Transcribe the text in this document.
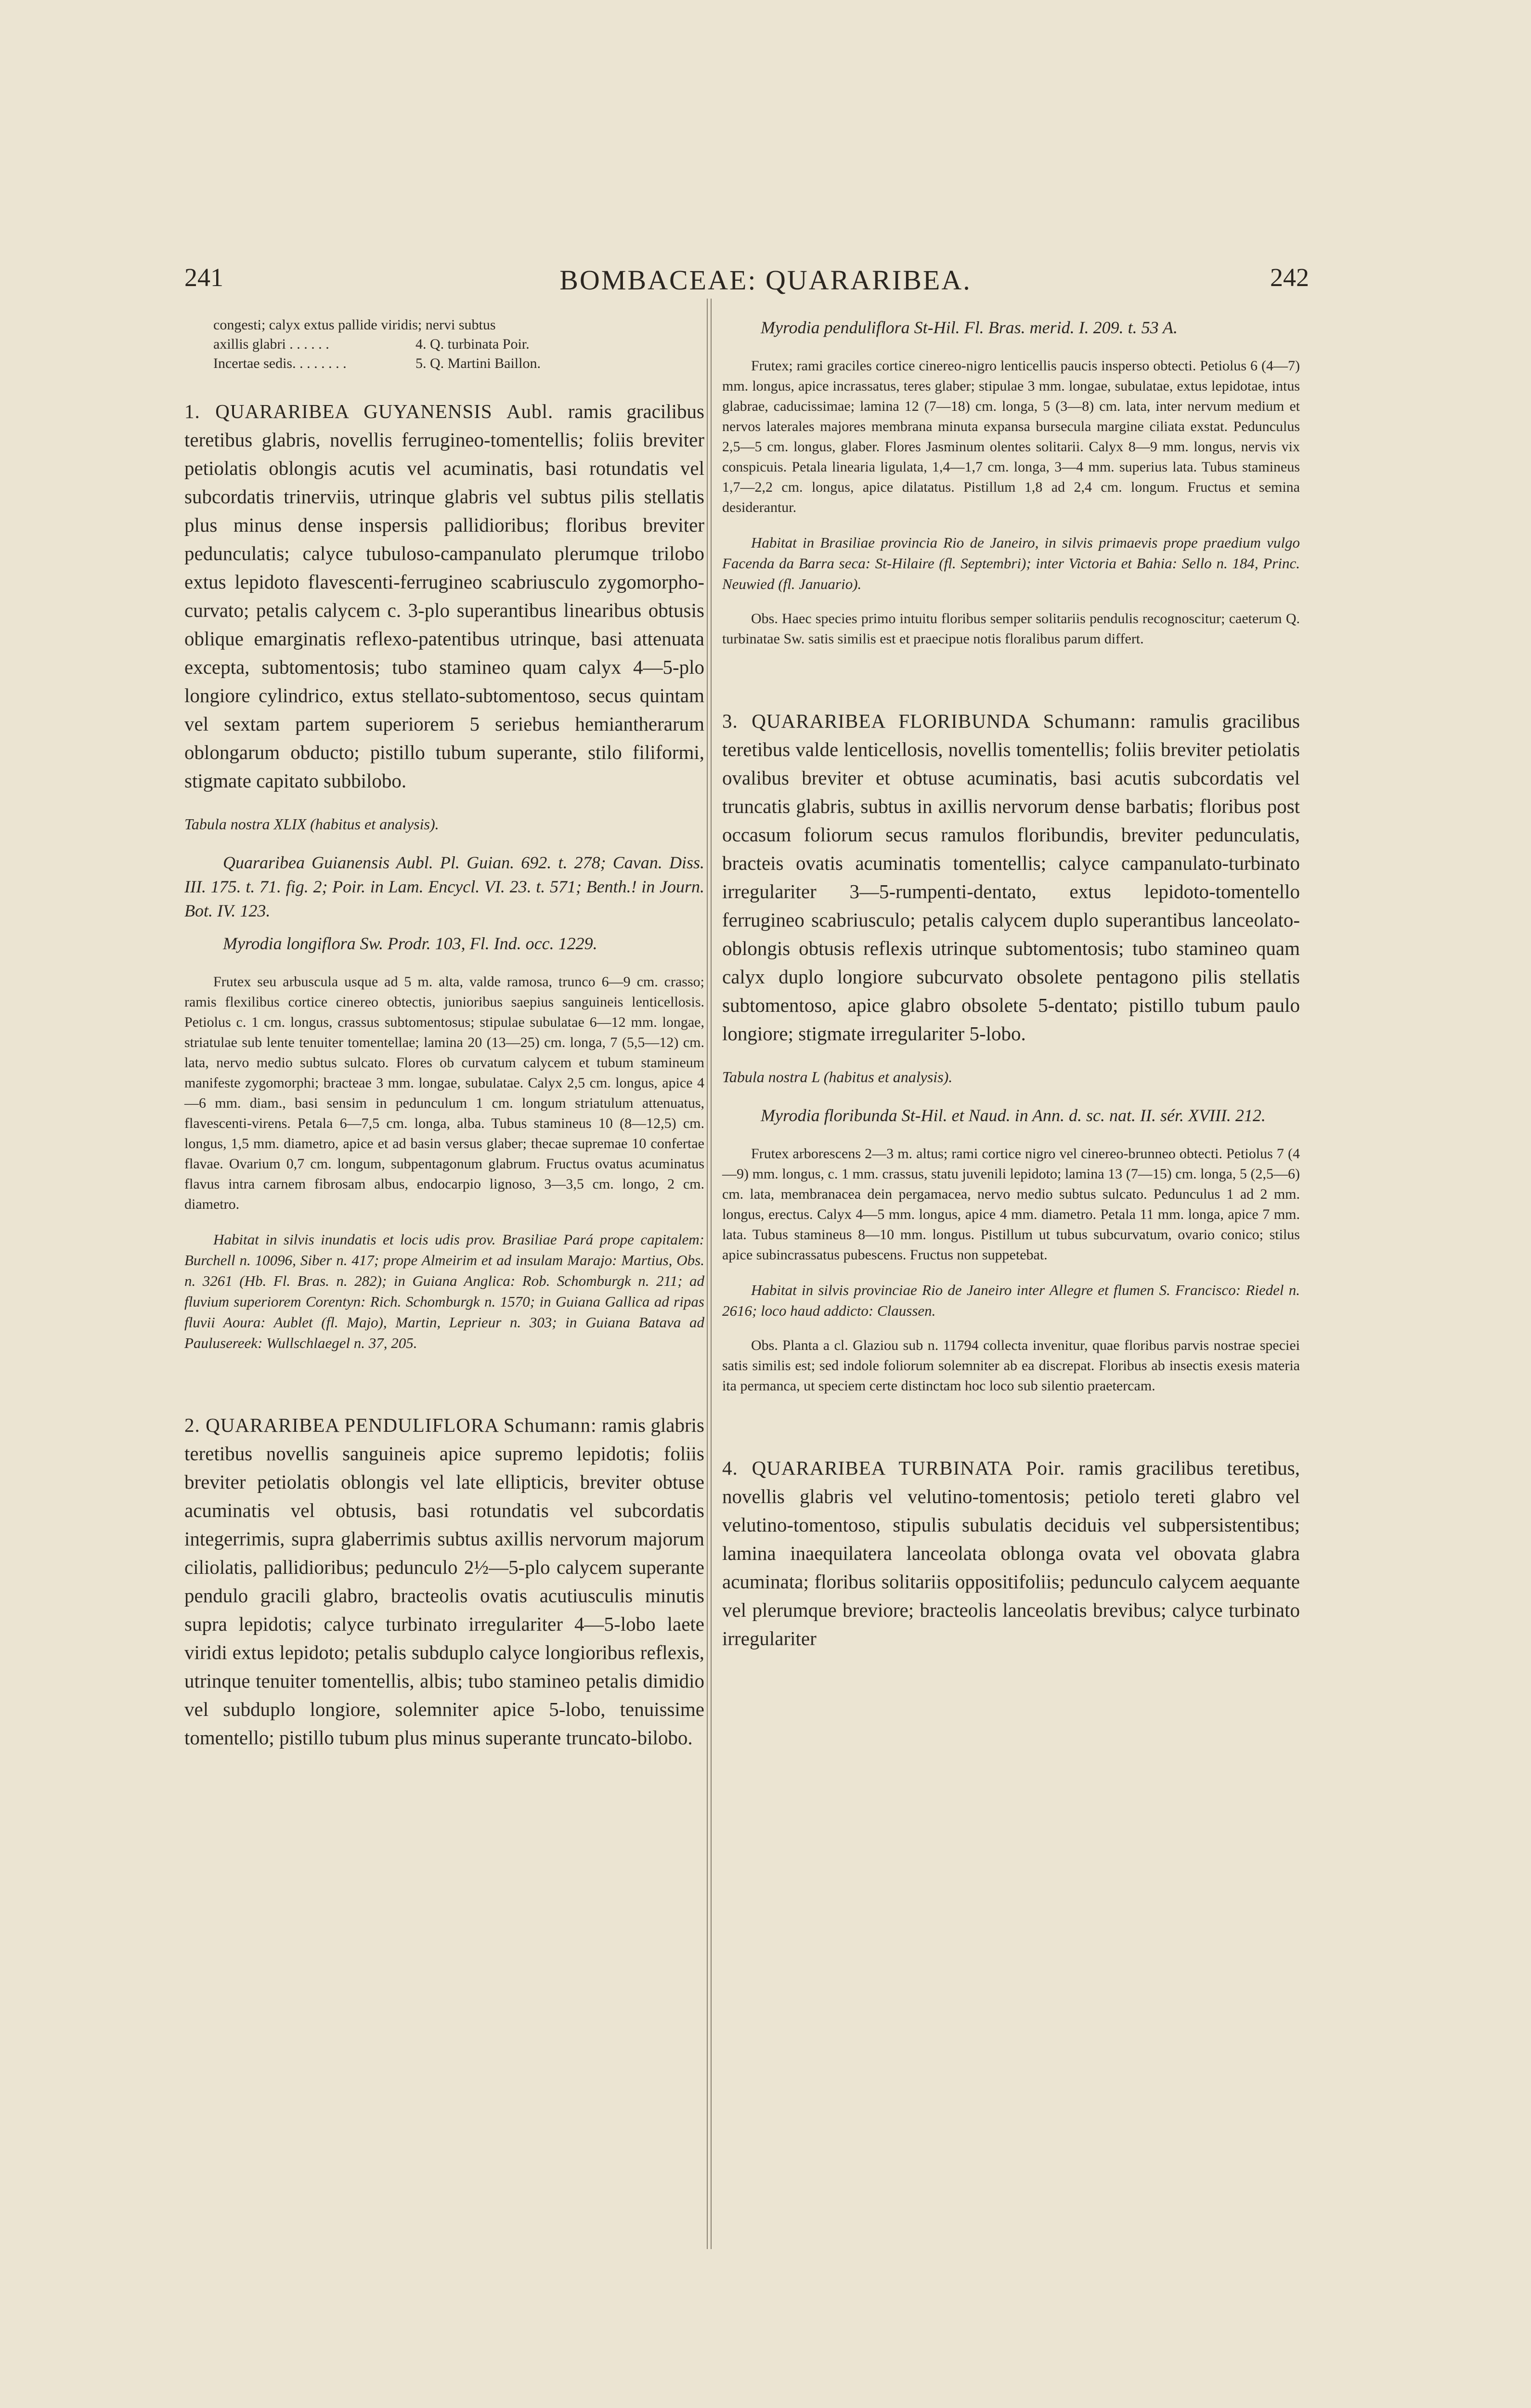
241	BOMBACEAE: QUARARIBEA.	242
congesti; calyx extus pallide viridis; nervi subtus
axillis glabri . . . . . .	4. Q. turbinata Poir.
Incertae sedis. . . . . . . .	5. Q. Martini Baillon.
1. QUARARIBEA GUYANENSIS Aubl. ramis gracilibus teretibus glabris, novellis ferrugineo-tomentellis; foliis breviter petiolatis oblongis acutis vel acuminatis, basi rotundatis vel subcordatis trinerviis, utrinque glabris vel subtus pilis stellatis plus minus dense inspersis pallidioribus; floribus breviter pedunculatis; calyce tubuloso-campanulato plerumque trilobo extus lepidoto flavescenti-ferrugineo scabriusculo zygomorpho-curvato; petalis calycem c. 3-plo superantibus linearibus obtusis oblique emarginatis reflexo-patentibus utrinque, basi attenuata excepta, subtomentosis; tubo stamineo quam calyx 4—5-plo longiore cylindrico, extus stellato-subtomentoso, secus quintam vel sextam partem superiorem 5 seriebus hemiantherarum oblongarum obducto; pistillo tubum superante, stilo filiformi, stigmate capitato subbilobo.
Tabula nostra XLIX (habitus et analysis).
Quararibea Guianensis Aubl. Pl. Guian. 692. t. 278; Cavan. Diss. III. 175. t. 71. fig. 2; Poir. in Lam. Encycl. VI. 23. t. 571; Benth.! in Journ. Bot. IV. 123.
Myrodia longiflora Sw. Prodr. 103, Fl. Ind. occ. 1229.
Frutex seu arbuscula usque ad 5 m. alta, valde ramosa, trunco 6—9 cm. crasso; ramis flexilibus cortice cinereo obtectis, junioribus saepius sanguineis lenticellosis. Petiolus c. 1 cm. longus, crassus subtomentosus; stipulae subulatae 6—12 mm. longae, striatulae sub lente tenuiter tomentellae; lamina 20 (13—25) cm. longa, 7 (5,5—12) cm. lata, nervo medio subtus sulcato. Flores ob curvatum calycem et tubum stamineum manifeste zygomorphi; bracteae 3 mm. longae, subulatae. Calyx 2,5 cm. longus, apice 4—6 mm. diam., basi sensim in pedunculum 1 cm. longum striatulum attenuatus, flavescenti-virens. Petala 6—7,5 cm. longa, alba. Tubus stamineus 10 (8—12,5) cm. longus, 1,5 mm. diametro, apice et ad basin versus glaber; thecae supremae 10 confertae flavae. Ovarium 0,7 cm. longum, subpentagonum glabrum. Fructus ovatus acuminatus flavus intra carnem fibrosam albus, endocarpio lignoso, 3—3,5 cm. longo, 2 cm. diametro.
Habitat in silvis inundatis et locis udis prov. Brasiliae Pará prope capitalem: Burchell n. 10096, Siber n. 417; prope Almeirim et ad insulam Marajo: Martius, Obs. n. 3261 (Hb. Fl. Bras. n. 282); in Guiana Anglica: Rob. Schomburgk n. 211; ad fluvium superiorem Corentyn: Rich. Schomburgk n. 1570; in Guiana Gallica ad ripas fluvii Aoura: Aublet (fl. Majo), Martin, Leprieur n. 303; in Guiana Batava ad Paulusereek: Wullschlaegel n. 37, 205.
2. QUARARIBEA PENDULIFLORA Schumann: ramis glabris teretibus novellis sanguineis apice supremo lepidotis; foliis breviter petiolatis oblongis vel late ellipticis, breviter obtuse acuminatis vel obtusis, basi rotundatis vel subcordatis integerrimis, supra glaberrimis subtus axillis nervorum majorum ciliolatis, pallidioribus; pedunculo 2½—5-plo calycem superante pendulo gracili glabro, bracteolis ovatis acutiusculis minutis supra lepidotis; calyce turbinato irregulariter 4—5-lobo laete viridi extus lepidoto; petalis subduplo calyce longioribus reflexis, utrinque tenuiter tomentellis, albis; tubo stamineo petalis dimidio vel subduplo longiore, solemniter apice 5-lobo, tenuissime tomentello; pistillo tubum plus minus superante truncato-bilobo.
Myrodia penduliflora St-Hil. Fl. Bras. merid. I. 209. t. 53 A.
Frutex; rami graciles cortice cinereo-nigro lenticellis paucis insperso obtecti. Petiolus 6 (4—7) mm. longus, apice incrassatus, teres glaber; stipulae 3 mm. longae, subulatae, extus lepidotae, intus glabrae, caducissimae; lamina 12 (7—18) cm. longa, 5 (3—8) cm. lata, inter nervum medium et nervos laterales majores membrana minuta expansa bursecula margine ciliata exstat. Pedunculus 2,5—5 cm. longus, glaber. Flores Jasminum olentes solitarii. Calyx 8—9 mm. longus, nervis vix conspicuis. Petala linearia ligulata, 1,4—1,7 cm. longa, 3—4 mm. superius lata. Tubus stamineus 1,7—2,2 cm. longus, apice dilatatus. Pistillum 1,8 ad 2,4 cm. longum. Fructus et semina desiderantur.
Habitat in Brasiliae provincia Rio de Janeiro, in silvis primaevis prope praedium vulgo Facenda da Barra seca: St-Hilaire (fl. Septembri); inter Victoria et Bahia: Sello n. 184, Princ. Neuwied (fl. Januario).
Obs. Haec species primo intuitu floribus semper solitariis pendulis recognoscitur; caeterum Q. turbinatae Sw. satis similis est et praecipue notis floralibus parum differt.
3. QUARARIBEA FLORIBUNDA Schumann: ramulis gracilibus teretibus valde lenticellosis, novellis tomentellis; foliis breviter petiolatis ovalibus breviter et obtuse acuminatis, basi acutis subcordatis vel truncatis glabris, subtus in axillis nervorum dense barbatis; floribus post occasum foliorum secus ramulos floribundis, breviter pedunculatis, bracteis ovatis acuminatis tomentellis; calyce campanulato-turbinato irregulariter 3—5-rumpenti-dentato, extus lepidoto-tomentello ferrugineo scabriusculo; petalis calycem duplo superantibus lanceolato-oblongis obtusis reflexis utrinque subtomentosis; tubo stamineo quam calyx duplo longiore subcurvato obsolete pentagono pilis stellatis subtomentoso, apice glabro obsolete 5-dentato; pistillo tubum paulo longiore; stigmate irregulariter 5-lobo.
Tabula nostra L (habitus et analysis).
Myrodia floribunda St-Hil. et Naud. in Ann. d. sc. nat. II. sér. XVIII. 212.
Frutex arborescens 2—3 m. altus; rami cortice nigro vel cinereo-brunneo obtecti. Petiolus 7 (4—9) mm. longus, c. 1 mm. crassus, statu juvenili lepidoto; lamina 13 (7—15) cm. longa, 5 (2,5—6) cm. lata, membranacea dein pergamacea, nervo medio subtus sulcato. Pedunculus 1 ad 2 mm. longus, erectus. Calyx 4—5 mm. longus, apice 4 mm. diametro. Petala 11 mm. longa, apice 7 mm. lata. Tubus stamineus 8—10 mm. longus. Pistillum ut tubus subcurvatum, ovario conico; stilus apice subincrassatus pubescens. Fructus non suppetebat.
Habitat in silvis provinciae Rio de Janeiro inter Allegre et flumen S. Francisco: Riedel n. 2616; loco haud addicto: Claussen.
Obs. Planta a cl. Glaziou sub n. 11794 collecta invenitur, quae floribus parvis nostrae speciei satis similis est; sed indole foliorum solemniter ab ea discrepat. Floribus ab insectis exesis materia ita permanca, ut speciem certe distinctam hoc loco sub silentio praetercam.
4. QUARARIBEA TURBINATA Poir. ramis gracilibus teretibus, novellis glabris vel velutino-tomentosis; petiolo tereti glabro vel velutino-tomentoso, stipulis subulatis deciduis vel subpersistentibus; lamina inaequilatera lanceolata oblonga ovata vel obovata glabra acuminata; floribus solitariis oppositifoliis; pedunculo calycem aequante vel plerumque breviore; bracteolis lanceolatis brevibus; calyce turbinato irregulariter
